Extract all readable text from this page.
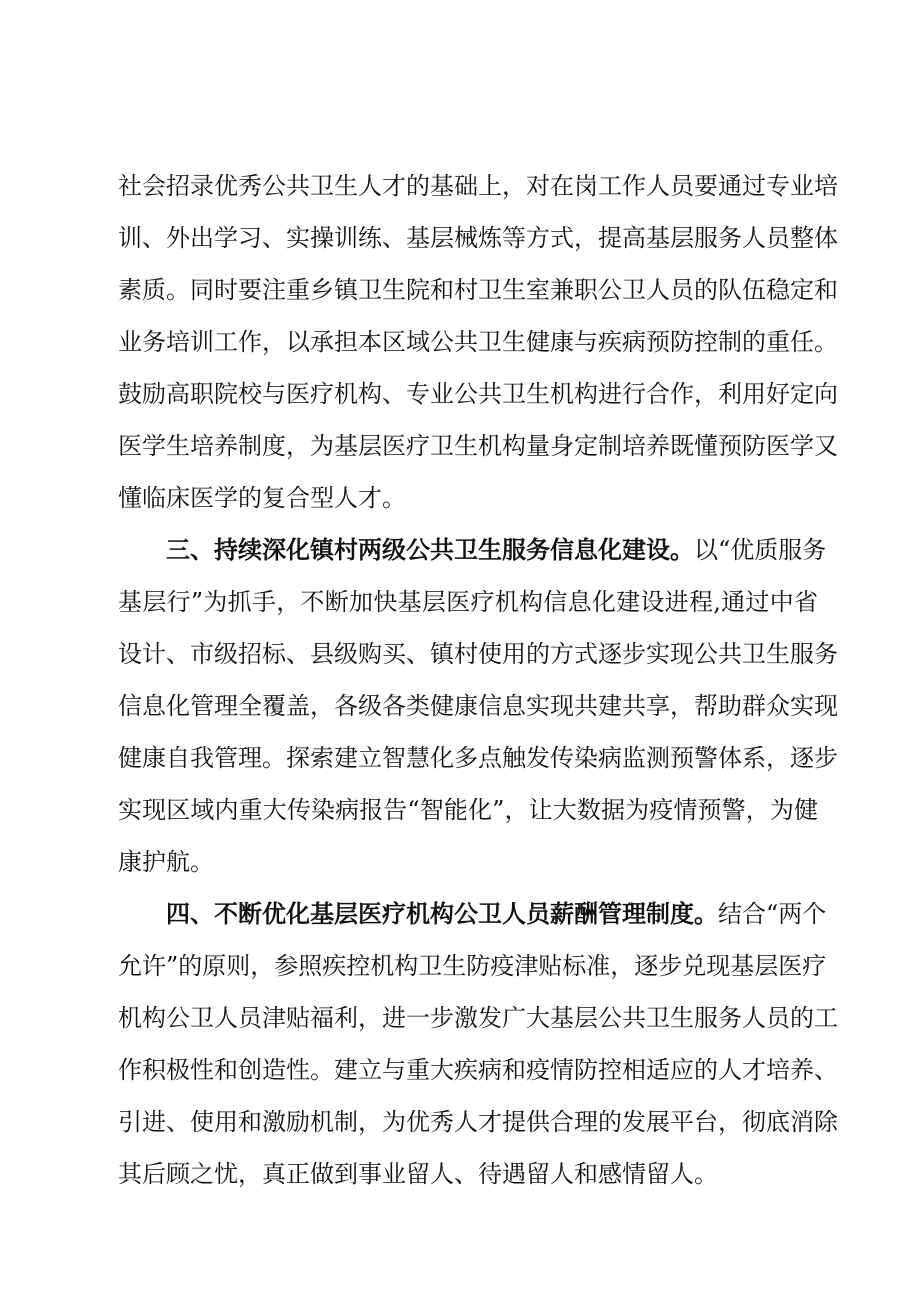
社会招录优秀公共卫生人才的基础上，对在岗工作人员要通过专业培
训、外出学习、实操训练、基层械炼等方式，提高基层服务人员整体
素质。同时要注重乡镇卫生院和村卫生室兼职公卫人员的队伍稳定和
业务培训工作，以承担本区域公共卫生健康与疾病预防控制的重任。
鼓励高职院校与医疗机构、专业公共卫生机构进行合作，利用好定向
医学生培养制度，为基层医疗卫生机构量身定制培养既懂预防医学又
懂临床医学的复合型人才。
三、持续深化镇村两级公共卫生服务信息化建设。以“优质服务
基层行”为抓手，不断加快基层医疗机构信息化建设进程,通过中省
设计、市级招标、县级购买、镇村使用的方式逐步实现公共卫生服务
信息化管理全覆盖，各级各类健康信息实现共建共享，帮助群众实现
健康自我管理。探索建立智慧化多点触发传染病监测预警体系，逐步
实现区域内重大传染病报告“智能化”，让大数据为疫情预警，为健
康护航。
四、不断优化基层医疗机构公卫人员薪酬管理制度。结合“两个
允许”的原则，参照疾控机构卫生防疫津贴标准，逐步兑现基层医疗
机构公卫人员津贴福利，进一步激发广大基层公共卫生服务人员的工
作积极性和创造性。建立与重大疾病和疫情防控相适应的人才培养、
引进、使用和激励机制，为优秀人才提供合理的发展平台，彻底消除
其后顾之忧，真正做到事业留人、待遇留人和感情留人。
